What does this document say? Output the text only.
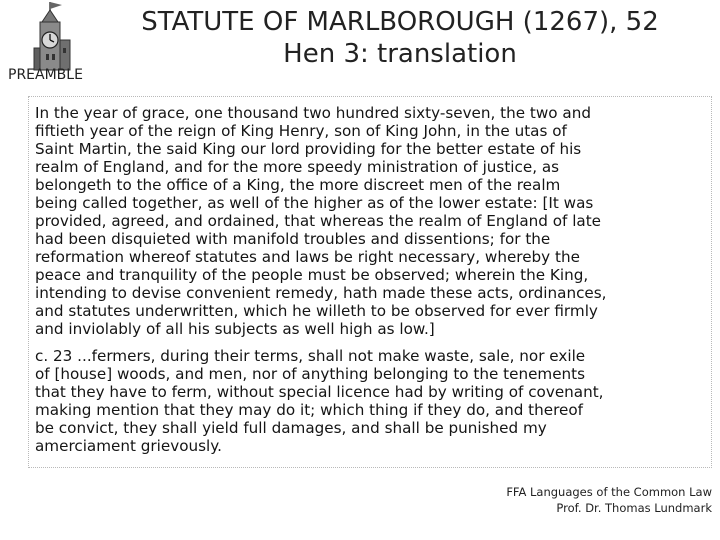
STATUTE OF MARLBOROUGH (1267), 52
Hen 3: translation
PREAMBLE
In the year of grace, one thousand two hundred sixty-seven, the two and
fiftieth year of the reign of King Henry, son of King John, in the utas of
Saint Martin, the said King our lord providing for the better estate of his
realm of England, and for the more speedy ministration of justice, as
belongeth to the office of a King, the more discreet men of the realm
being called together, as well of the higher as of the lower estate: [It was
provided, agreed, and ordained, that whereas the realm of England of late
had been disquieted with manifold troubles and dissentions; for the
reformation whereof statutes and laws be right necessary, whereby the
peace and tranquility of the people must be observed; wherein the King,
intending to devise convenient remedy, hath made these acts, ordinances,
and statutes underwritten, which he willeth to be observed for ever firmly
and inviolably of all his subjects as well high as low.]
c. 23 ...fermers, during their terms, shall not make waste, sale, nor exile
of [house] woods, and men, nor of anything belonging to the tenements
that they have to ferm, without special licence had by writing of covenant,
making mention that they may do it; which thing if they do, and thereof
be convict, they shall yield full damages, and shall be punished my
amerciament grievously.
FFA Languages of the Common Law
Prof. Dr. Thomas Lundmark
